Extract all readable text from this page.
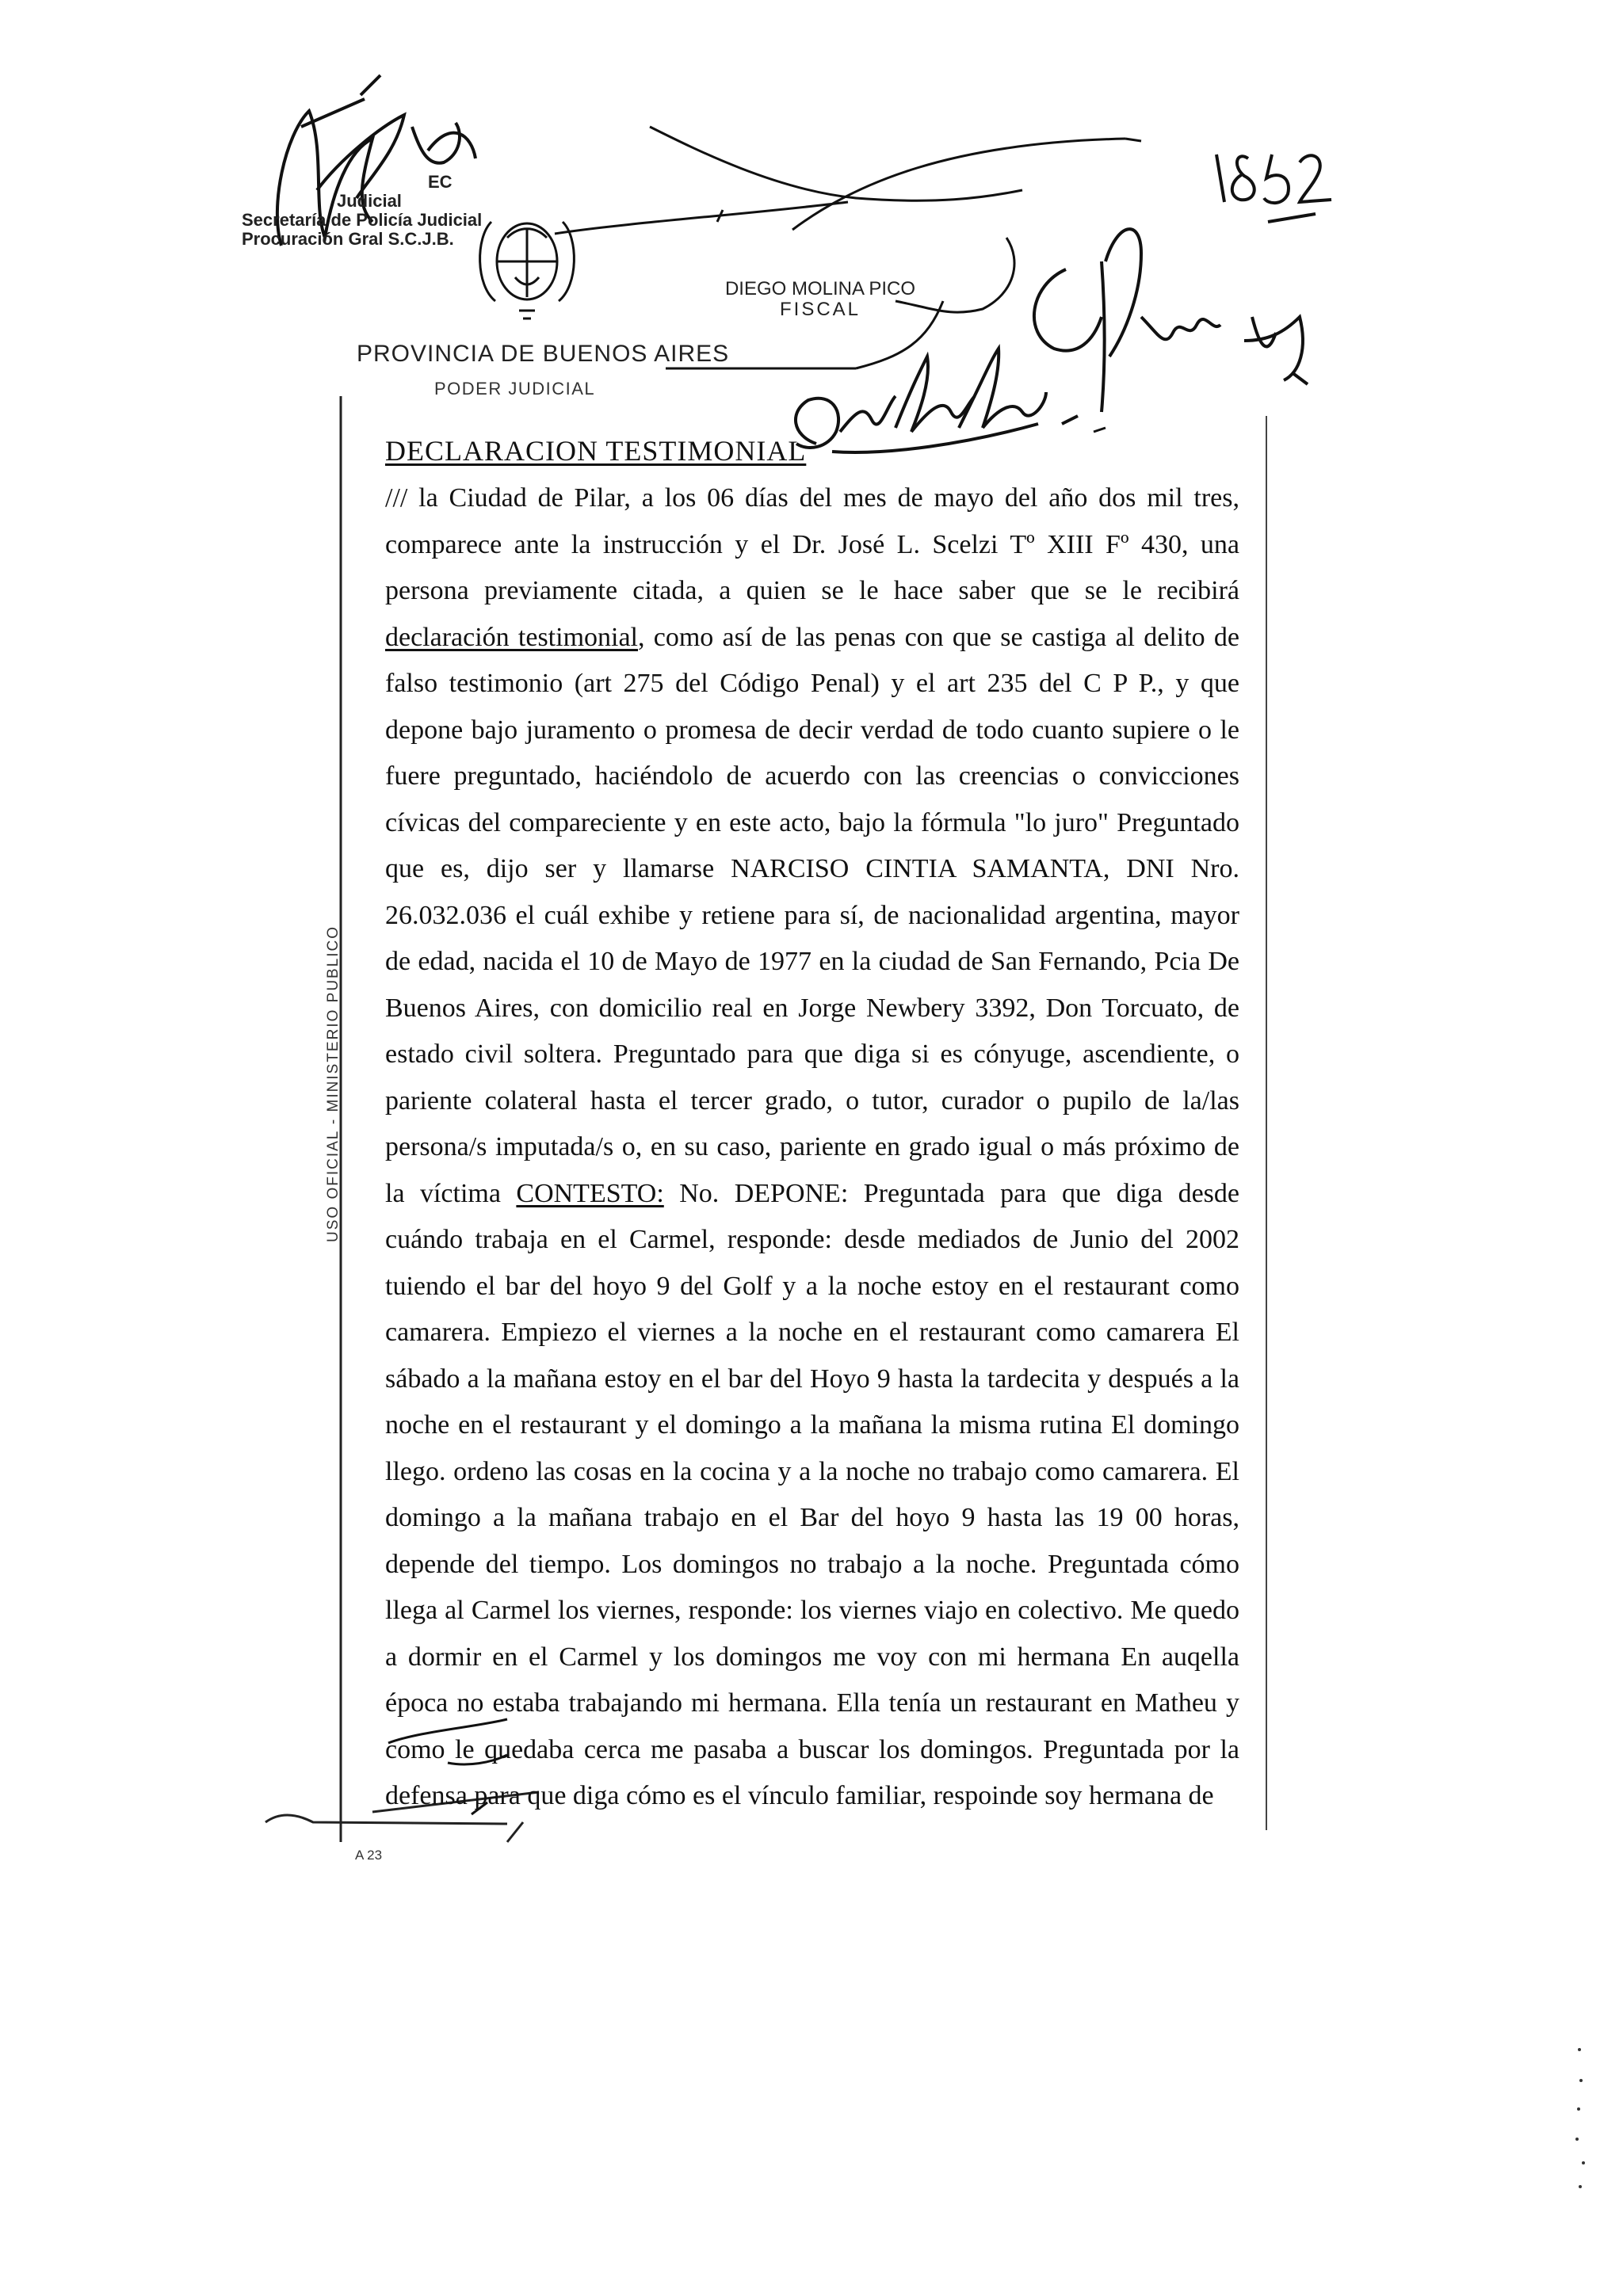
EC
Judicial
Secretaría de Policía Judicial
Procuración Gral S.C.J.B.
DIEGO MOLINA PICO
FISCAL
PROVINCIA DE BUENOS AIRES
PODER JUDICIAL
DECLARACION TESTIMONIAL

/// la Ciudad de Pilar, a los 06 días del mes de mayo del año dos mil tres, comparece ante la instrucción y el Dr. José L. Scelzi Tº XIII Fº 430, una persona previamente citada, a quien se le hace saber que se le recibirá declaración testimonial, como así de las penas con que se castiga al delito de falso testimonio (art 275 del Código Penal) y el art 235 del C P P., y que depone bajo juramento o promesa de decir verdad de todo cuanto supiere o le fuere preguntado, haciéndolo de acuerdo con las creencias o convicciones cívicas del compareciente y en este acto, bajo la fórmula "lo juro" Preguntado que es, dijo ser y llamarse NARCISO CINTIA SAMANTA, DNI Nro. 26.032.036 el cuál exhibe y retiene para sí, de nacionalidad argentina, mayor de edad, nacida el 10 de Mayo de 1977 en la ciudad de San Fernando, Pcia De Buenos Aires, con domicilio real en Jorge Newbery 3392, Don Torcuato, de estado civil soltera. Preguntado para que diga si es cónyuge, ascendiente, o pariente colateral hasta el tercer grado, o tutor, curador o pupilo de la/las persona/s imputada/s o, en su caso, pariente en grado igual o más próximo de la víctima CONTESTO: No. DEPONE: Preguntada para que diga desde cuándo trabaja en el Carmel, responde: desde mediados de Junio del 2002 tuiendo el bar del hoyo 9 del Golf y a la noche estoy en el restaurant como camarera. Empiezo el viernes a la noche en el restaurant como camarera El sábado a la mañana estoy en el bar del Hoyo 9 hasta la tardecita y después a la noche en el restaurant y el domingo a la mañana la misma rutina El domingo llego. ordeno las cosas en la cocina y a la noche no trabajo como camarera. El domingo a la mañana trabajo en el Bar del hoyo 9 hasta las 19 00 horas, depende del tiempo. Los domingos no trabajo a la noche. Preguntada cómo llega al Carmel los viernes, responde: los viernes viajo en colectivo. Me quedo a dormir en el Carmel y los domingos me voy con mi hermana En auqella época no estaba trabajando mi hermana. Ella tenía un restaurant en Matheu y como le quedaba cerca me pasaba a buscar los domingos. Preguntada por la defensa para que diga cómo es el vínculo familiar, respoinde soy hermana de

USO OFICIAL - MINISTERIO PUBLICO
A 23
